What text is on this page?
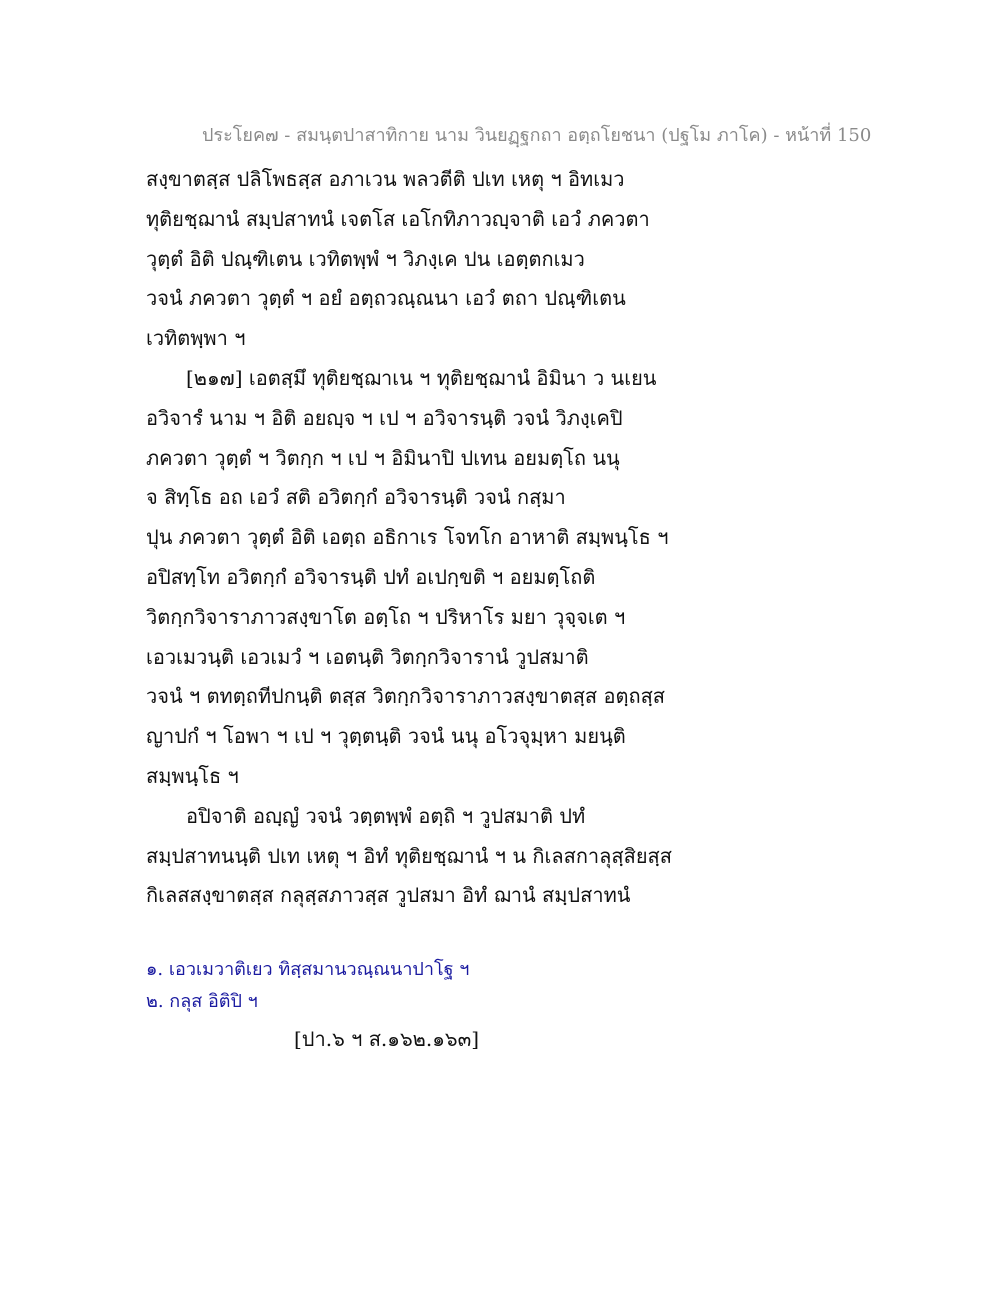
ประโยค๗ - สมนฺตปาสาทิกาย นาม วินยฏฺฐกถา อตฺถโยชนา (ปฐโม ภาโค) - หน้าที่ 150
สงฺขาตสฺส ปลิโพธสฺส อภาเวน พลวตีติ ปเท เหตุ ฯ อิทเมว
ทุติยชฺฌานํ สมฺปสาทนํ เจตโส เอโกทิภาวญฺจาติ เอวํ ภควตา
วุตฺตํ อิติ ปณฺฑิเตน เวทิตพฺพํ ฯ วิภงฺเค ปน เอตฺตกเมว
วจนํ ภควตา วุตฺตํ ฯ อยํ อตฺถวณฺณนา เอวํ ตถา ปณฺฑิเตน
เวทิตพฺพา ฯ
[๒๑๗] เอตสฺมึ ทุติยชฺฌาเน ฯ ทุติยชฺฌานํ อิมินา ว นเยน
อวิจารํ นาม ฯ อิติ อยญฺจ ฯ เป ฯ อวิจารนฺติ วจนํ วิภงฺเคปิ
ภควตา วุตฺตํ ฯ วิตกฺก ฯ เป ฯ อิมินาปิ ปเทน อยมตฺโถ นนุ
จ สิทฺโธ อถ เอวํ สติ อวิตกฺกํ อวิจารนฺติ วจนํ กสฺมา
ปุน ภควตา วุตฺตํ อิติ เอตฺถ อธิกาเร โจทโก อาหาติ สมฺพนฺโธ ฯ
อปิสทฺโท อวิตกฺกํ อวิจารนฺติ ปทํ อเปกฺขติ ฯ อยมตฺโถติ
วิตกฺกวิจาราภาวสงฺขาโต อตฺโถ ฯ ปริหาโร มยา วุจฺจเต ฯ
เอวเมวนฺติ เอวเมวํ ฯ เอตนฺติ วิตกฺกวิจารานํ วูปสมาติ
วจนํ ฯ ตทตฺถทีปกนฺติ ตสฺส วิตกฺกวิจาราภาวสงฺขาตสฺส อตฺถสฺส
ญาปกํ ฯ โอพา ฯ เป ฯ วุตฺตนฺติ วจนํ นนุ อโวจุมฺหา มยนฺติ
สมฺพนฺโธ ฯ
อปิจาติ อญฺญํ วจนํ วตฺตพฺพํ อตฺถิ ฯ วูปสมาติ ปทํ
สมฺปสาทนนฺติ ปเท เหตุ ฯ อิทํ ทุติยชฺฌานํ ฯ น กิเลสกาลุสฺสิยสฺส
กิเลสสงฺขาตสฺส กลุสฺสภาวสฺส วูปสมา อิทํ ฌานํ สมฺปสาทนํ
๑. เอวเมวาติเยว ทิสฺสมานวณฺณนาปาโฐ ฯ
๒. กลุส อิติปิ ฯ
[ปา.๖ ฯ ส.๑๖๒.๑๖๓]
